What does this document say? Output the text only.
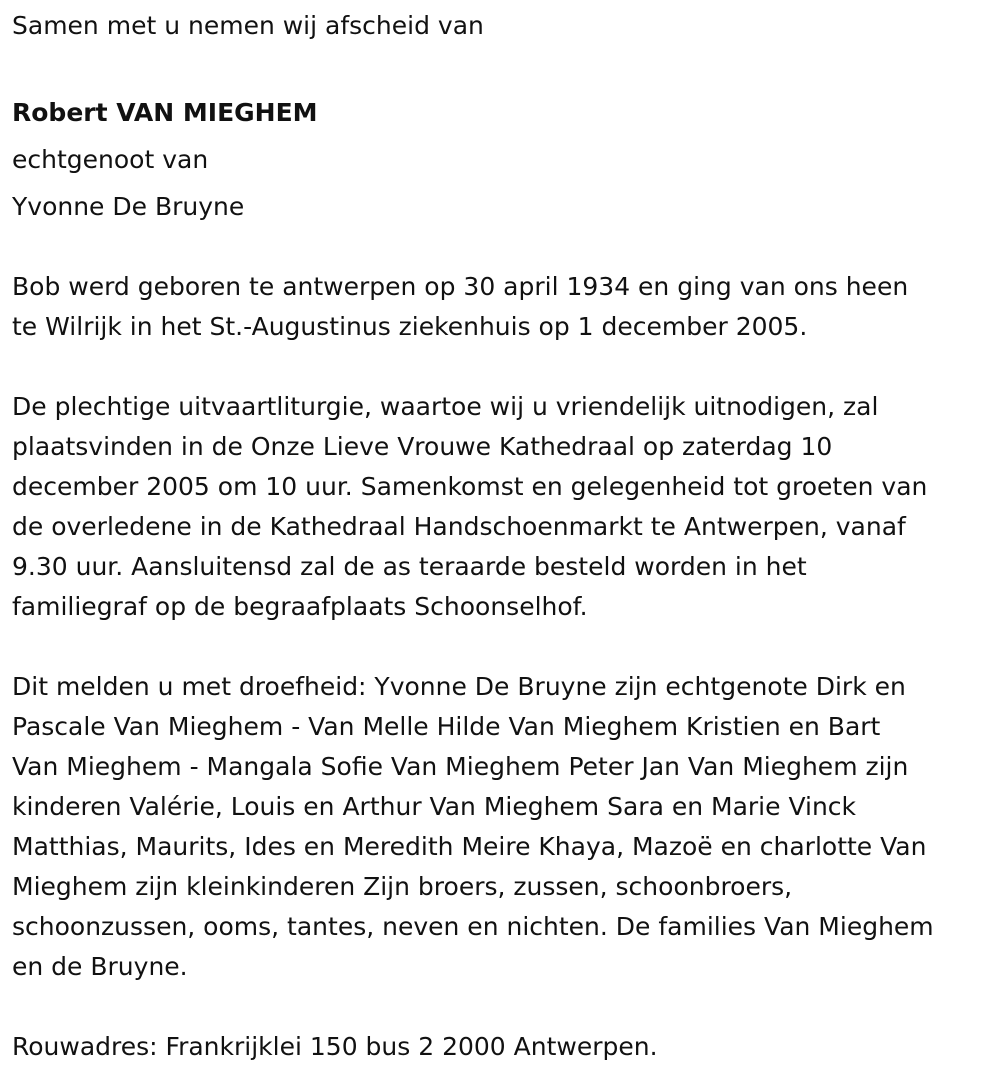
Samen met u nemen wij afscheid van

Robert VAN MIEGHEM

echtgenoot van

Yvonne De Bruyne

Bob werd geboren te antwerpen op 30 april 1934 en ging van ons heen
te Wilrijk in het St.-Augustinus ziekenhuis op 1 december 2005.

De plechtige uitvaartliturgie, waartoe wij u vriendelijk uitnodigen, zal
plaatsvinden in de Onze Lieve Vrouwe Kathedraal op zaterdag 10
december 2005 om 10 uur. Samenkomst en gelegenheid tot groeten van
de overledene in de Kathedraal Handschoenmarkt te Antwerpen, vanaf
9.30 uur. Aansluitensd zal de as teraarde besteld worden in het
familiegraf op de begraafplaats Schoonselhof.

Dit melden u met droefheid: Yvonne De Bruyne zijn echtgenote Dirk en
Pascale Van Mieghem - Van Melle Hilde Van Mieghem Kristien en Bart
Van Mieghem - Mangala Sofie Van Mieghem Peter Jan Van Mieghem zijn
kinderen Valérie, Louis en Arthur Van Mieghem Sara en Marie Vinck
Matthias, Maurits, Ides en Meredith Meire Khaya, Mazoë en charlotte Van
Mieghem zijn kleinkinderen Zijn broers, zussen, schoonbroers,
schoonzussen, ooms, tantes, neven en nichten. De families Van Mieghem
en de Bruyne.

Rouwadres: Frankrijklei 150 bus 2 2000 Antwerpen.
